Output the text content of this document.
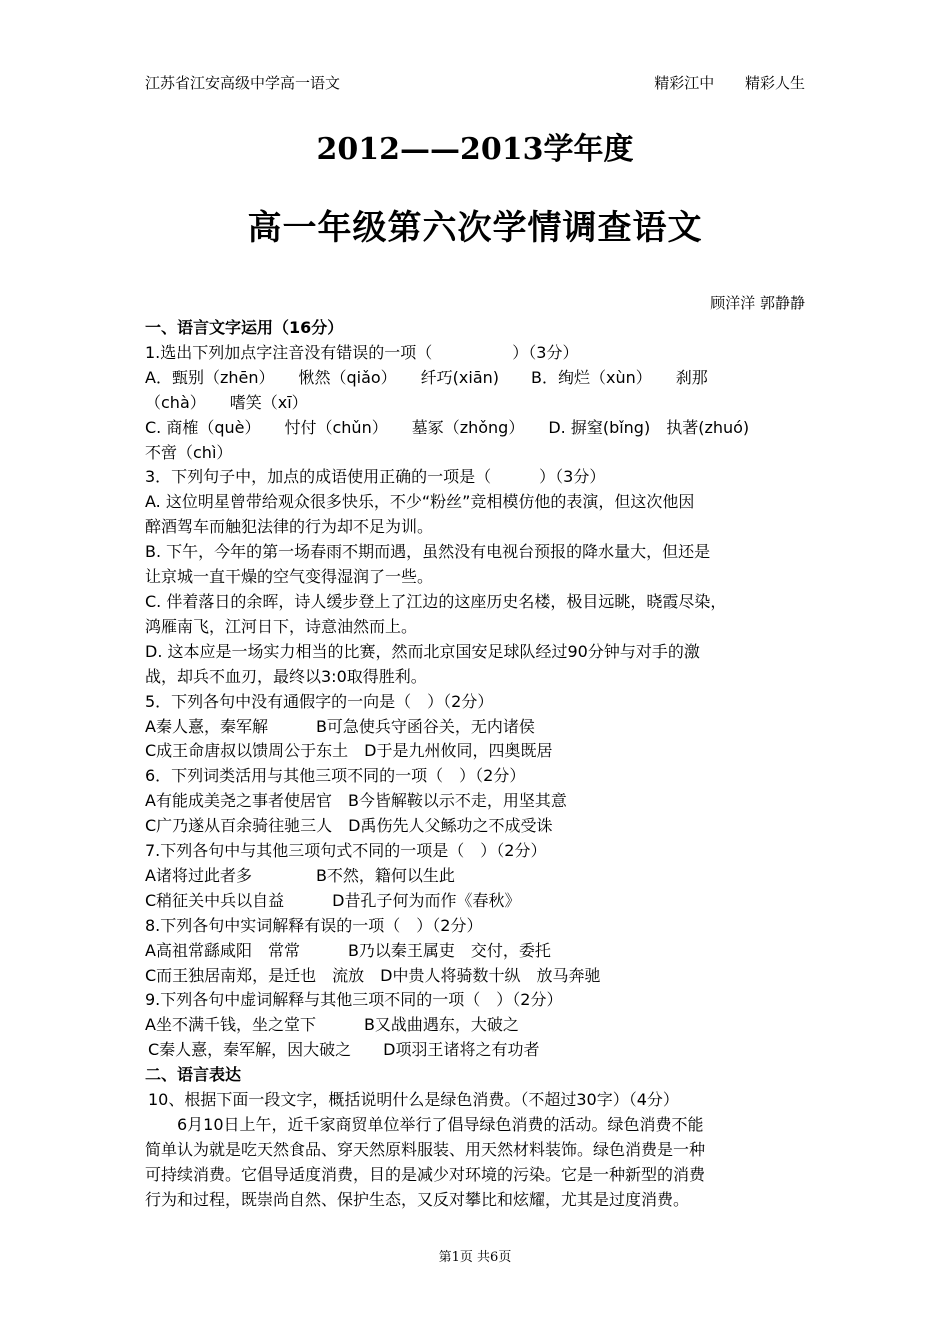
江苏省江安高级中学高一语文	精彩江中 精彩人生
2012——2013学年度
高一年级第六次学情调查语文
顾洋洋 郭静静
一、语言文字运用（16分）
1.选出下列加点字注音没有错误的一项（　　　　　）（3分）
A．甄别（zhēn）　　愀然（qiǎo）　　纤巧(xiān)　　B．绚烂（xùn）　　刹那
（chà）　　嗜笑（xī）
C. 商榷（què）　　忖付（chǔn）　　墓冢（zhǒng）　　D. 摒窒(bǐng)　执著(zhuó)
不啻（chì）
3．下列句子中，加点的成语使用正确的一项是（　　　）（3分）
A. 这位明星曾带给观众很多快乐，不少“粉丝”竞相模仿他的表演，但这次他因
醉酒驾车而触犯法律的行为却不足为训。
B. 下午，今年的第一场春雨不期而遇，虽然没有电视台预报的降水量大，但还是
让京城一直干燥的空气变得湿润了一些。
C. 伴着落日的余晖，诗人缓步登上了江边的这座历史名楼，极目远眺，晓霞尽染，
鸿雁南飞，江河日下，诗意油然而上。
D. 这本应是一场实力相当的比赛，然而北京国安足球队经过90分钟与对手的激
战，却兵不血刃，最终以3:0取得胜利。
5．下列各句中没有通假字的一向是（　）（2分）
A秦人憙，秦军解　　　B可急使兵守函谷关，无内诸侯
C成王命唐叔以馈周公于东土　D于是九州攸同，四奥既居
6．下列词类活用与其他三项不同的一项（　）（2分）
A有能成美尧之事者使居官　B今皆解鞍以示不走，用坚其意
C广乃遂从百余骑往驰三人　D禹伤先人父鲧功之不成受诛
7.下列各句中与其他三项句式不同的一项是（　）（2分）
A诸将过此者多　　　　B不然，籍何以生此
C稍征关中兵以自益　　　D昔孔子何为而作《春秋》
8.下列各句中实词解释有误的一项（　）（2分）
A高祖常繇咸阳　常常　　　B乃以秦王属吏　交付，委托
C而王独居南郑，是迁也　流放　D中贵人将骑数十纵　放马奔驰
9.下列各句中虚词解释与其他三项不同的一项（　）（2分）
A坐不满千钱，坐之堂下　　　B又战曲遇东，大破之
C秦人憙，秦军解，因大破之　　D项羽王诸将之有功者
二、语言表达
10、根据下面一段文字，概括说明什么是绿色消费。（不超过30字）（4分）
6月10日上午，近千家商贸单位举行了倡导绿色消费的活动。绿色消费不能
简单认为就是吃天然食品、穿天然原料服装、用天然材料装饰。绿色消费是一种
可持续消费。它倡导适度消费，目的是减少对环境的污染。它是一种新型的消费
行为和过程，既崇尚自然、保护生态，又反对攀比和炫耀，尤其是过度消费。
第1页 共6页
